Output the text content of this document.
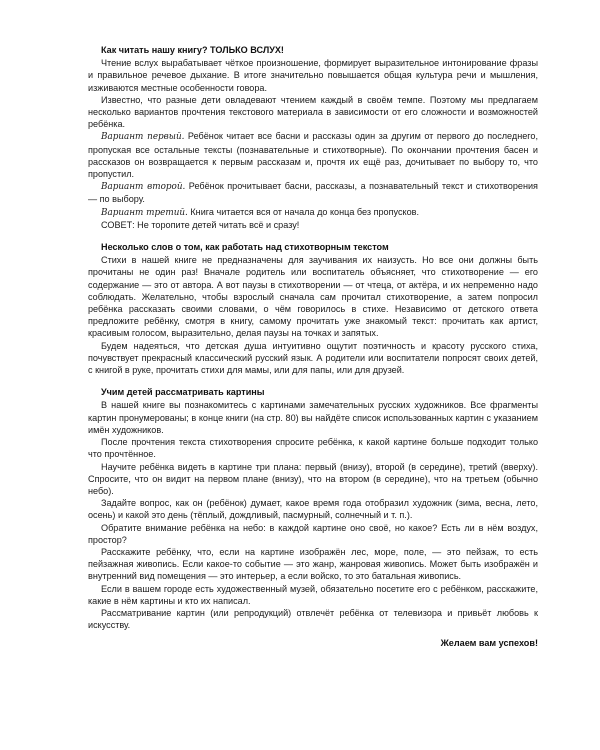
Как читать нашу книгу? ТОЛЬКО ВСЛУХ!

Чтение вслух вырабатывает чёткое произношение, формирует выразительное интонирование фразы и правильное речевое дыхание. В итоге значительно повышается общая культура речи и мышления, изживаются местные особенности говора.

Известно, что разные дети овладевают чтением каждый в своём темпе. Поэтому мы предлагаем несколько вариантов прочтения текстового материала в зависимости от его сложности и возможностей ребёнка.

Вариант первый. Ребёнок читает все басни и рассказы один за другим от первого до последнего, пропуская все остальные тексты (познавательные и стихотворные). По окончании прочтения басен и рассказов он возвращается к первым рассказам и, прочтя их ещё раз, дочитывает по выбору то, что пропустил.

Вариант второй. Ребёнок прочитывает басни, рассказы, а познавательный текст и стихотворения — по выбору.

Вариант третий. Книга читается вся от начала до конца без пропусков.

СОВЕТ: Не торопите детей читать всё и сразу!

Несколько слов о том, как работать над стихотворным текстом

Стихи в нашей книге не предназначены для заучивания их наизусть. Но все они должны быть прочитаны не один раз! Вначале родитель или воспитатель объясняет, что стихотворение — его содержание — это от автора. А вот паузы в стихотворении — от чтеца, от актёра, и их непременно надо соблюдать. Желательно, чтобы взрослый сначала сам прочитал стихотворение, а затем попросил ребёнка рассказать своими словами, о чём говорилось в стихе. Независимо от детского ответа предложите ребёнку, смотря в книгу, самому прочитать уже знакомый текст: прочитать как артист, красивым голосом, выразительно, делая паузы на точках и запятых.

Будем надеяться, что детская душа интуитивно ощутит поэтичность и красоту русского стиха, почувствует прекрасный классический русский язык. А родители или воспитатели попросят своих детей, с книгой в руке, прочитать стихи для мамы, или для папы, или для друзей.

Учим детей рассматривать картины

В нашей книге вы познакомитесь с картинами замечательных русских художников. Все фрагменты картин пронумерованы; в конце книги (на стр. 80) вы найдёте список использованных картин с указанием имён художников.

После прочтения текста стихотворения спросите ребёнка, к какой картине больше подходит только что прочтённое.

Научите ребёнка видеть в картине три плана: первый (внизу), второй (в середине), третий (вверху). Спросите, что он видит на первом плане (внизу), что на втором (в середине), что на третьем (обычно небо).

Задайте вопрос, как он (ребёнок) думает, какое время года отобразил художник (зима, весна, лето, осень) и какой это день (тёплый, дождливый, пасмурный, солнечный и т. п.).

Обратите внимание ребёнка на небо: в каждой картине оно своё, но какое? Есть ли в нём воздух, простор?

Расскажите ребёнку, что, если на картине изображён лес, море, поле, — это пейзаж, то есть пейзажная живопись. Если какое-то событие — это жанр, жанровая живопись. Может быть изображён и внутренний вид помещения — это интерьер, а если войско, то это батальная живопись.

Если в вашем городе есть художественный музей, обязательно посетите его с ребёнком, расскажите, какие в нём картины и кто их написал.

Рассматривание картин (или репродукций) отвлечёт ребёнка от телевизора и привьёт любовь к искусству.

Желаем вам успехов!
